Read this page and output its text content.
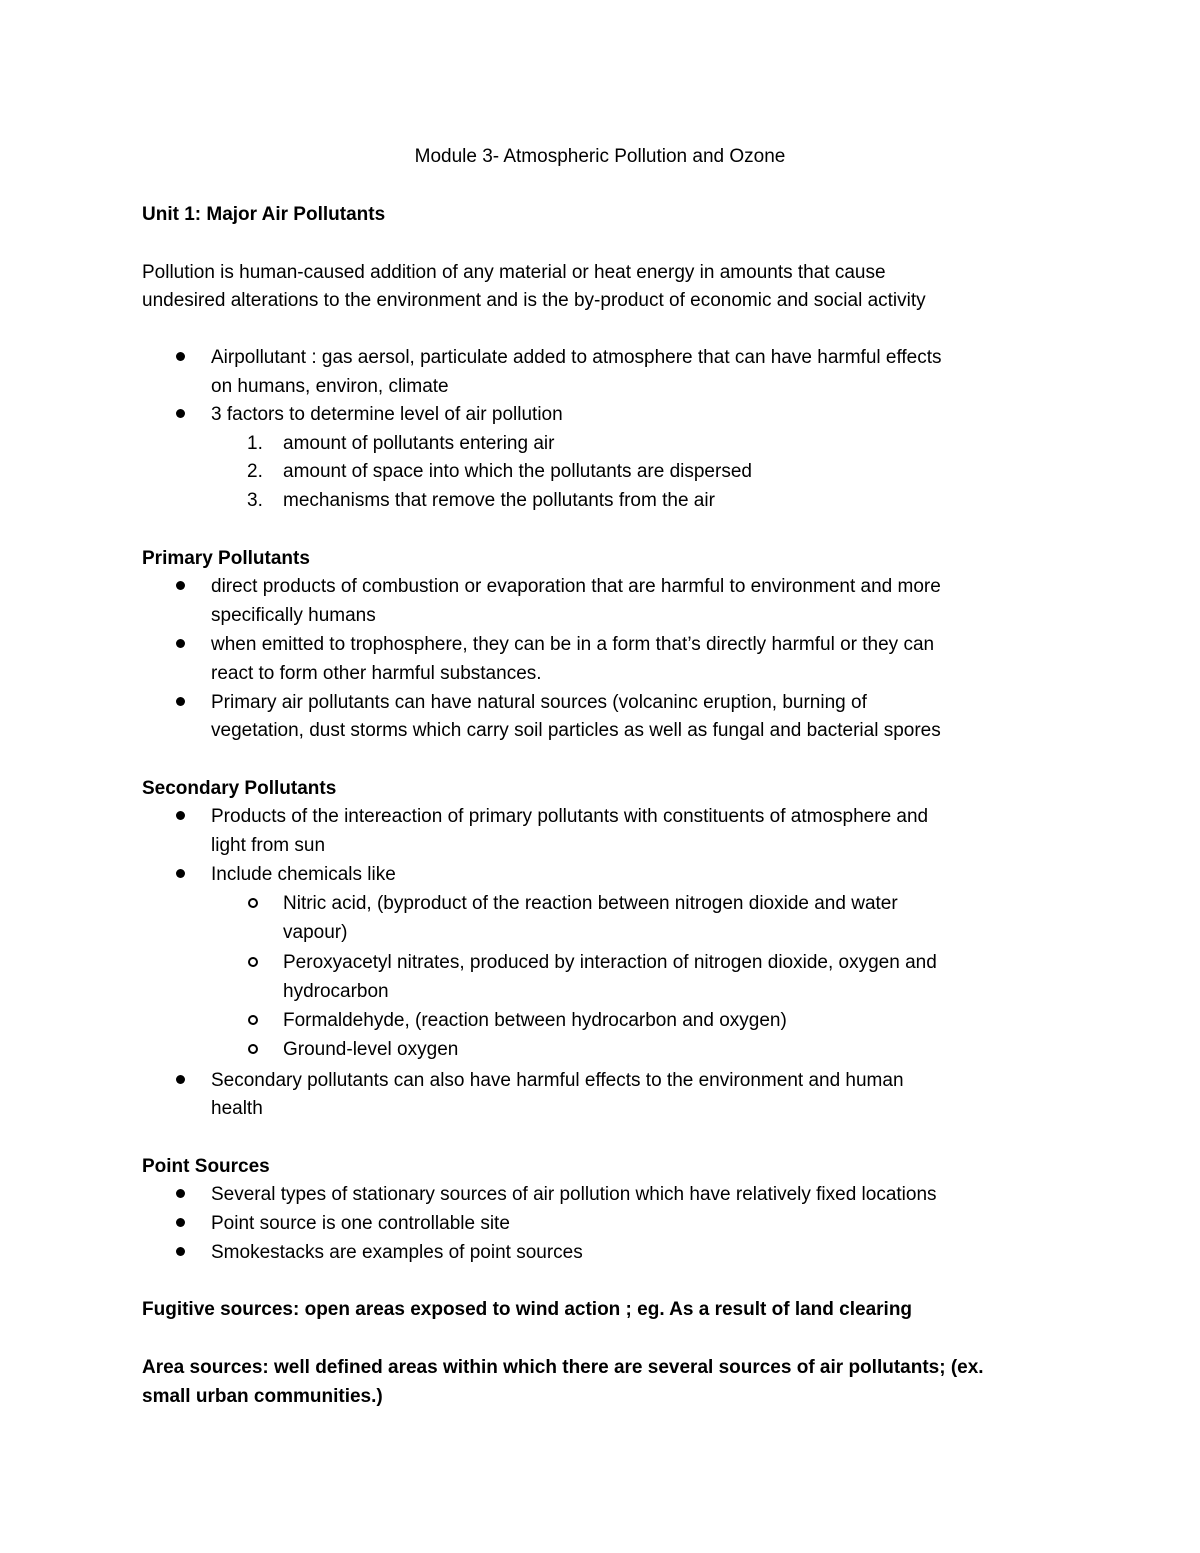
Module 3- Atmospheric Pollution and Ozone
Unit 1: Major Air Pollutants
Pollution is human-caused addition of any material or heat energy in amounts that cause
undesired alterations to the environment and is the by-product of economic and social activity
Airpollutant : gas aersol, particulate added to atmosphere that can have harmful effects
on humans, environ, climate
3 factors to determine level of air pollution
1. amount of pollutants entering air
2. amount of space into which the pollutants are dispersed
3. mechanisms that remove the pollutants from the air
Primary Pollutants
direct products of combustion or evaporation that are harmful to environment and more
specifically humans
when emitted to trophosphere, they can be in a form that’s directly harmful or they can
react to form other harmful substances.
Primary air pollutants can have natural sources (volcaninc eruption, burning of
vegetation, dust storms which carry soil particles as well as fungal and bacterial spores
Secondary Pollutants
Products of the intereaction of primary pollutants with constituents of atmosphere and
light from sun
Include chemicals like
Nitric acid, (byproduct of the reaction between nitrogen dioxide and water
vapour)
Peroxyacetyl nitrates, produced by interaction of nitrogen dioxide, oxygen and
hydrocarbon
Formaldehyde, (reaction between hydrocarbon and oxygen)
Ground-level oxygen
Secondary pollutants can also have harmful effects to the environment and human
health
Point Sources
Several types of stationary sources of air pollution which have relatively fixed locations
Point source is one controllable site
Smokestacks are examples of point sources
Fugitive sources: open areas exposed to wind action ; eg. As a result of land clearing
Area sources: well defined areas within which there are several sources of air pollutants; (ex.
small urban communities.)
